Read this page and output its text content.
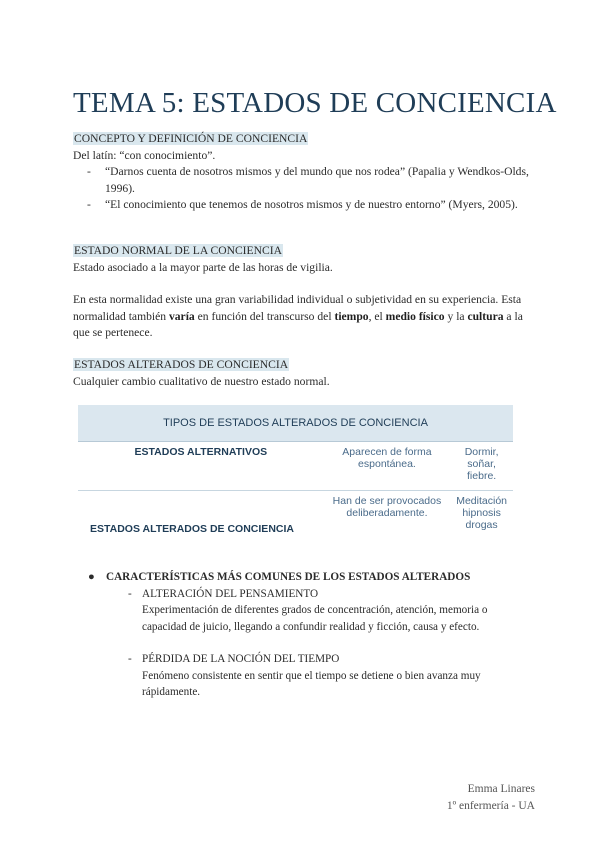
TEMA 5: ESTADOS DE CONCIENCIA

CONCEPTO Y DEFINICIÓN DE CONCIENCIA

Del latín: “con conocimiento”.

- “Darnos cuenta de nosotros mismos y del mundo que nos rodea” (Papalia y Wendkos-Olds, 1996).
- “El conocimiento que tenemos de nosotros mismos y de nuestro entorno” (Myers, 2005).

ESTADO NORMAL DE LA CONCIENCIA

Estado asociado a la mayor parte de las horas de vigilia.

En esta normalidad existe una gran variabilidad individual o subjetividad en su experiencia. Esta normalidad también varía en función del transcurso del tiempo, el medio físico y la cultura a la que se pertenece.

ESTADOS ALTERADOS DE CONCIENCIA

Cualquier cambio cualitativo de nuestro estado normal.

TIPOS DE ESTADOS ALTERADOS DE CONCIENCIA		
ESTADOS ALTERNATIVOS	Aparecen de forma espontánea.	Dormir, soñar, fiebre.
ESTADOS ALTERADOS DE CONCIENCIA	Han de ser provocados deliberadamente.	Meditación hipnosis drogas
● CARACTERÍSTICAS MÁS COMUNES DE LOS ESTADOS ALTERADOS
- ALTERACIÓN DEL PENSAMIENTO

Experimentación de diferentes grados de concentración, atención, memoria o capacidad de juicio, llegando a confundir realidad y ficción, causa y efecto.

- PÉRDIDA DE LA NOCIÓN DEL TIEMPO

Fenómeno consistente en sentir que el tiempo se detiene o bien avanza muy rápidamente.

Emma Linares
1º enfermería - UA
